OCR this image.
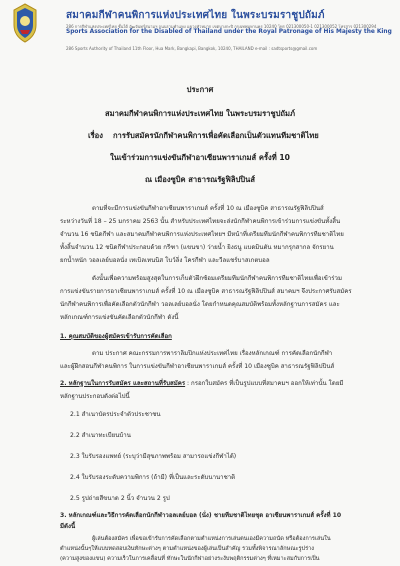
สมาคมกีฬาคนพิการแห่งประเทศไทย ในพระบรมราชูปถัมภ์
286 การกีฬาแห่งประเทศไทย ชั้นใต้ อัฒจันทร์สนามฯ ถนนรามคำแหง แขวงหัวหมาก เขตบางกะปิ กรุงเทพมหานคร 10240 โทร 021300050-1 021300052 โทรสาร 021300294
Sports Association for the Disabled of Thailand under the Royal Patronage of His Majesty the King
286 Sports Authority of Thailand 11th Floor, Hua Mark, Bangkapi, Bangkok, 10240, THAILAND e-mail : sadtsports@gmail.com
ประกาศ
สมาคมกีฬาคนพิการแห่งประเทศไทย ในพระบรมราชูปถัมภ์
เรื่อง การรับสมัครนักกีฬาคนพิการเพื่อคัดเลือกเป็นตัวแทนทีมชาติไทย
ในเข้าร่วมการแข่งขันกีฬาอาเซียนพาราเกมส์ ครั้งที่ 10
ณ เมืองซูบิค สาธารณรัฐฟิลิปปินส์
ตามที่จะมีการแข่งขันกีฬาอาเซียนพาราเกมส์ ครั้งที่ 10 ณ เมืองซูบิค สาธารณรัฐฟิลิปปินส์
ระหว่างวันที่ 18 – 25 มกราคม 2563 นั้น สำหรับประเทศไทยจะส่งนักกีฬาคนพิการเข้าร่วมการแข่งขันทั้งสิ้น
จำนวน 16 ชนิดกีฬา และสมาคมกีฬาคนพิการแห่งประเทศไทยฯ มีหน้าที่เตรียมทีมนักกีฬาคนพิการทีมชาติไทย
ทั้งสิ้นจำนวน 12 ชนิดกีฬาประกอบด้วย กรีฑา (แขนขา) ว่ายน้ำ ยิงธนู แบดมินตัน หมากรุกสากล จักรยาน
ยกน้ำหนัก วอลเลย์บอลนั่ง เทเบิลเทนนิส โบว์ลิ่ง โครกีฬา และวีลแชร์บาสเกตบอล
ดังนั้นเพื่อความพร้อมสูงสุดในการเก็บตัวฝึกซ้อมเตรียมทีมนักกีฬาคนพิการทีมชาติไทยเพื่อเข้าร่วม
การแข่งขันรายการอาเซียนพาราเกมส์ ครั้งที่ 10 ณ เมืองซูบิค สาธารณรัฐฟิลิปปินส์ สมาคมฯ จึงประกาศรับสมัคร
นักกีฬาคนพิการเพื่อคัดเลือกตัวนักกีฬา วอลเลย์บอลนั่ง โดยกำหนดคุณสมบัติพร้อมทั้งหลักฐานการสมัคร และ
หลักเกณฑ์การแข่งขันคัดเลือกตัวนักกีฬา ดังนี้
1. คุณสมบัติของผู้สมัครเข้ารับการคัดเลือก
ตาม ประกาศ คณะกรรมการพาราลิมปิกแห่งประเทศไทย เรื่องหลักเกณฑ์ การคัดเลือกนักกีฬา
และผู้ฝึกสอนกีฬาคนพิการ ในการแข่งขันกีฬาอาเซียนพาราเกมส์ ครั้งที่ 10 เมืองซูบิค สาธารณรัฐฟิลิปปินส์
2. หลักฐานในการรับสมัคร และสถานที่รับสมัคร : กรอกใบสมัคร ที่เป็นรูปแบบที่สมาคมฯ ออกให้เท่านั้น โดยมี
หลักฐานประกอบดังต่อไปนี้
2.1 สำเนาบัตรประจำตัวประชาชน
2.2 สำเนาทะเบียนบ้าน
2.3 ใบรับรองแพทย์ (ระบุว่ามีสุขภาพพร้อม สามารถแข่งกีฬาได้)
2.4 ใบรับรองระดับความพิการ (ถ้ามี) ที่เป็นและระดับนานาชาติ
2.5 รูปถ่ายสีขนาด 2 นิ้ว จำนวน 2 รูป
3. หลักเกณฑ์และวิธีการคัดเลือกนักกีฬาวอลเลย์บอล (นั่ง) ชายทีมชาติไทยชุด อาเซียนพาราเกมส์ ครั้งที่ 10
มีดังนี้
ผู้เล่นต้องสมัคร เพื่อขอเข้ารับการคัดเลือกตามตำแหน่งการเล่นตนเองมีความถนัด หรือต้องการเล่นใน
ตำแหน่งนั้นๆให้แบบทดสอบเงินทักษะต่างๆ ตามตำแหน่งของผู้เล่นเป็นสำคัญ รวมทั้งพิจารณาลักษณะรูปร่าง
(ความสูงของแขน) ความเร็วในการเคลื่อนที่ ทักษะในนักกีฬาอย่างระงับพฤติกรรมต่างๆ ที่เหมาะสมกับการเป็น
